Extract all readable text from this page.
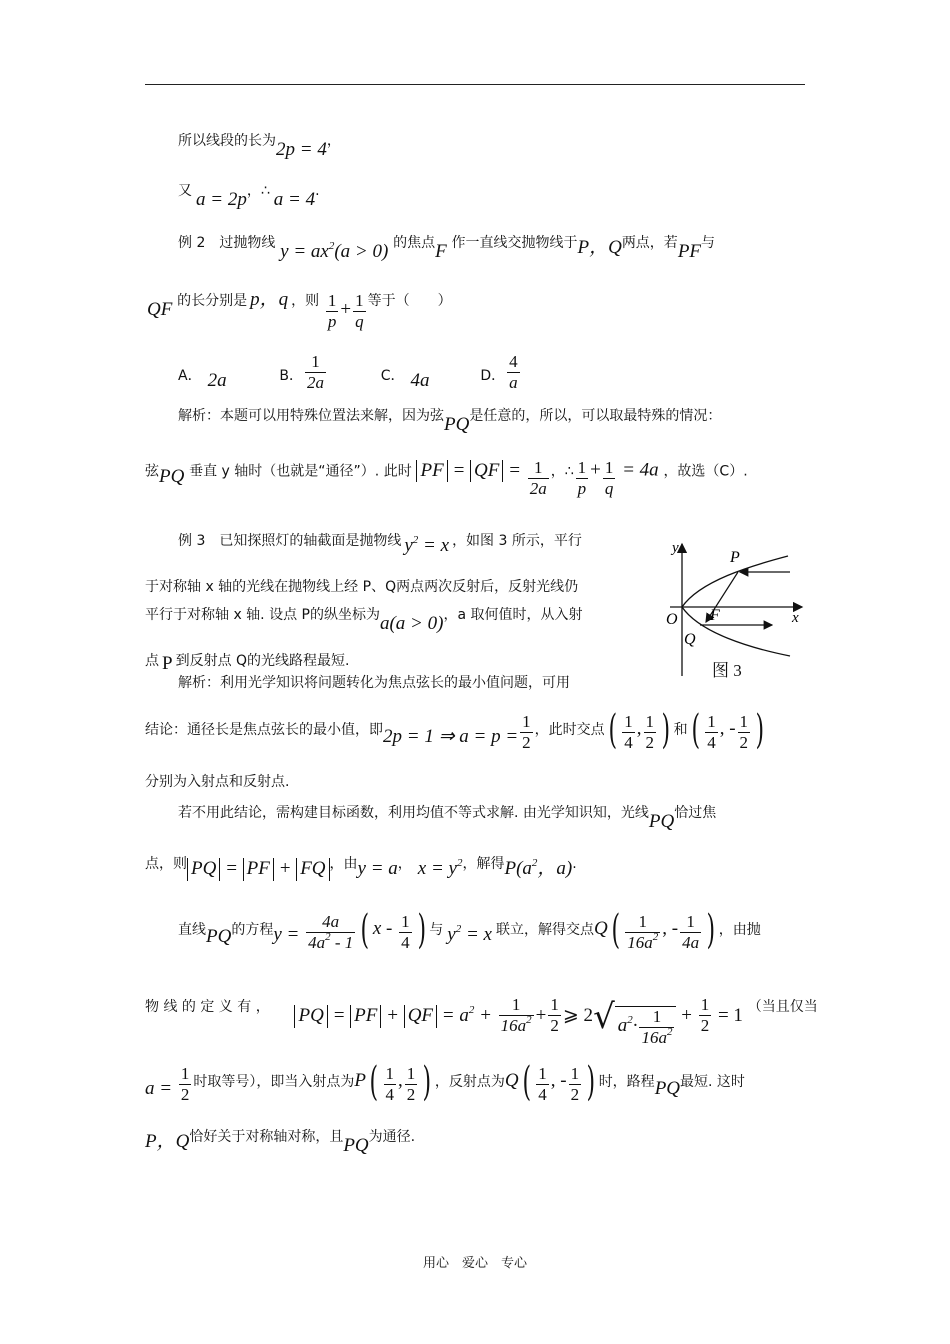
所以线段的长为2p = 4，
又 a = 2p，∴ a = 4.
例 2　过抛物线 $y = ax^2(a > 0)$ 的焦点F 作一直线交抛物线于P，Q两点，若PF与
QF 的长分别是 p，q ，则 $\frac{1}{p} + \frac{1}{q}$ 等于（　　）
A． 2a	B． $\frac{1}{2a}$	C． 4a	D． $\frac{4}{a}$
解析：本题可以用特殊位置法来解，因为弦PQ是任意的，所以，可以取最特殊的情况：
弦PQ 垂直 y 轴时（也就是“通径”）. 此时 PF = QF = $\frac{1}{2a}$ ，∴ $\frac{1}{p} + \frac{1}{q} = 4a$ ，故选（C）.
例 3　已知探照灯的轴截面是抛物线 $y^2 = x$ ，如图 3 所示，平行
于对称轴 x 轴的光线在抛物线上经 P、Q两点两次反射后，反射光线仍
平行于对称轴 x 轴. 设点 P的纵坐标为a(a > 0)，a 取何值时，从入射
点 P 到反射点 Q的光线路程最短.
y
x
O
P
Q
F
图 3
解析：利用光学知识将问题转化为焦点弦长的最小值问题，可用
结论：通径长是焦点弦长的最小值，即2p = 1 ⇒ $a = p = \frac{1}{2}$ ，此时交点( $\frac{1}{4}$ , $\frac{1}{2}$ ) 和( $\frac{1}{4}$ , - $\frac{1}{2}$ )
分别为入射点和反射点.
若不用此结论，需构建目标函数，利用均值不等式求解. 由光学知识知，光线PQ恰过焦
点，则 PQ = PF + FQ ，由y = a， $x = y^2$，解得$P(a^2$，a).
直线PQ的方程$y = \frac{4a}{4a^2 - 1}$ ( x - $\frac{1}{4}$ ) 与 $y^2 = x$ 联立，解得交点$Q( \frac{1}{16a^2}$ , - $\frac{1}{4a}$ ) ，由抛
物 线 的 定 义 有 ， PQ = PF + QF = $a^2 + \frac{1}{16a^2} + \frac{1}{2}$ ⩾ 2√ $a^2\cdot \frac{1}{16a^2} + \frac{1}{2} = 1$ （当且仅当
$a = \frac{1}{2}$ 时取等号），即当入射点为$P( \frac{1}{4}$ , $\frac{1}{2}$ ) ，反射点为$Q( \frac{1}{4}$ , - $\frac{1}{2}$ ) 时，路程PQ最短. 这时
P，Q恰好关于对称轴对称，且PQ为通径.
用心　爱心　专心
